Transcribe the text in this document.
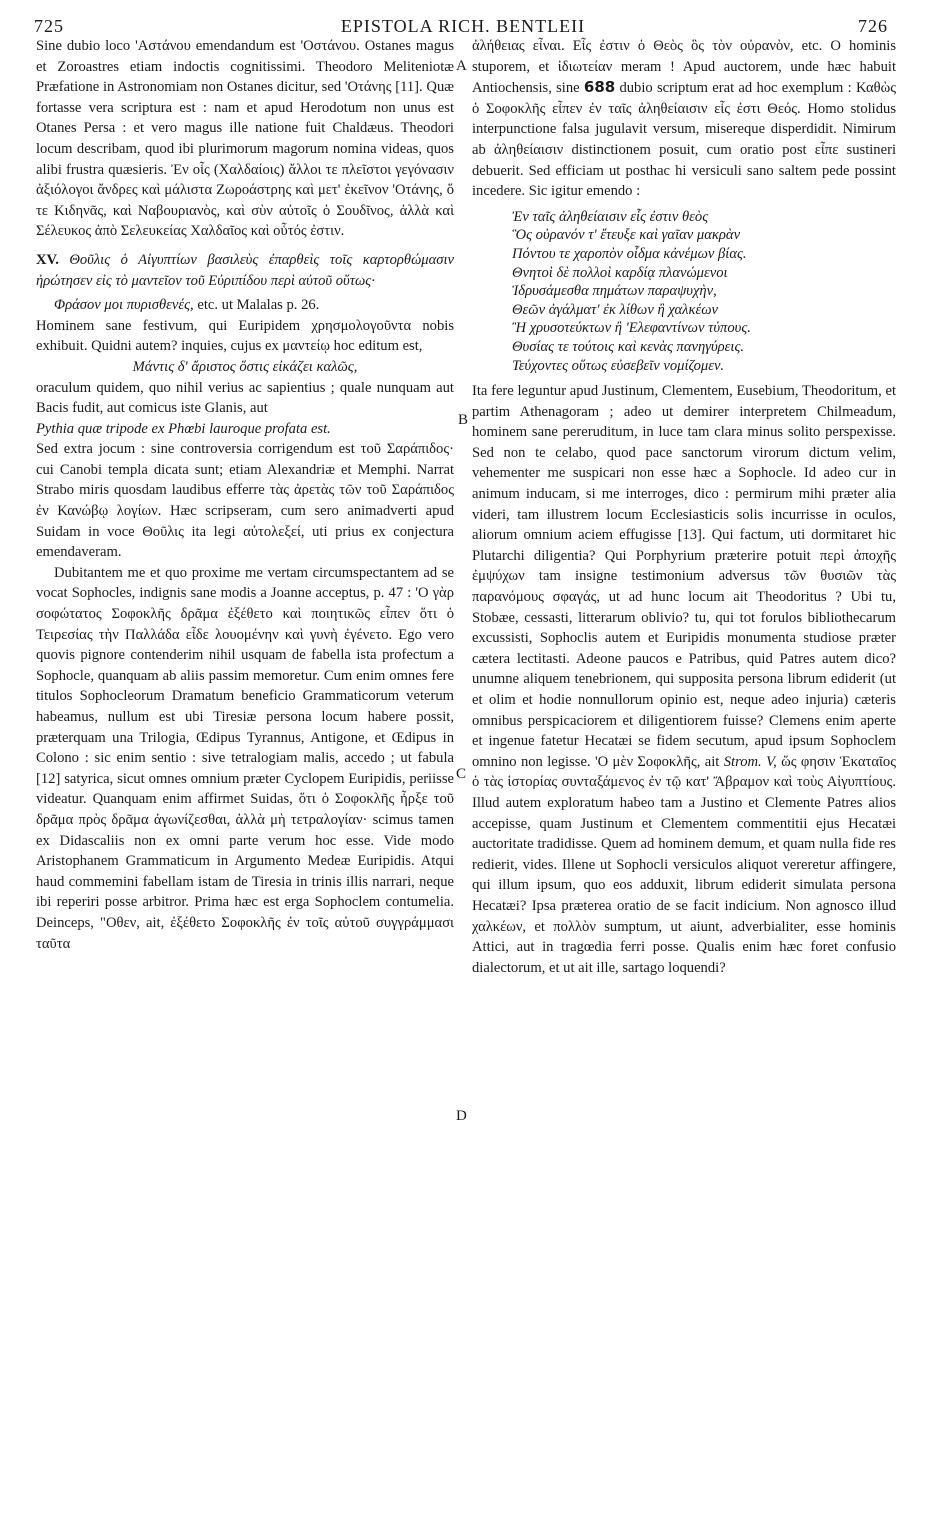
725	EPISTOLA RICH. BENTLEII	726
A
B
C
D

Sine dubio loco 'Αστάνου emendandum est 'Οστάνου. Ostanes magus et Zoroastres etiam indoctis cognitissimi. Theodoro Meliteniotæ Præfatione in Astronomiam non Ostanes dicitur, sed 'Οτάνης [11]. Quæ fortasse vera scriptura est : nam et apud Herodotum non unus est Otanes Persa : et vero magus ille natione fuit Chaldæus. Theodori locum describam, quod ibi plurimorum magorum nomina videas, quos alibi frustra quæsieris. Ἐν οἷς (Χαλδαίοις) ἄλλοι τε πλεῖστοι γεγόνασιν ἀξιόλογοι ἄνδρες καὶ μάλιστα Ζωροάστρης καὶ μετ' ἐκεῖνον 'Οτάνης, ὅ τε Κιδηνᾶς, καὶ Ναβουριανὸς, καὶ σὺν αὐτοῖς ὁ Σουδῖνος, ἀλλὰ καὶ Σέλευκος ἀπὸ Σελευκείας Χαλδαῖος καὶ οὗτός ἐστιν.

XV. Θοῦλις ὁ Αἰγυπτίων βασιλεὺς ἐπαρθεὶς τοῖς καρτορθώμασιν ἠρώτησεν εἰς τὸ μαντεῖον τοῦ Εὐριπίδου περὶ αὐτοῦ οὕτως·

Φράσον μοι πυρισθενές, etc. ut Malalas p. 26.

Hominem sane festivum, qui Euripidem χρησμολογοῦντα nobis exhibuit. Quidni autem? inquies, cujus ex μαντείῳ hoc editum est,

Μάντις δ' ἄριστος ὅστις εἰκάζει καλῶς,

oraculum quidem, quo nihil verius ac sapientius ; quale nunquam aut Bacis fudit, aut comicus iste Glanis, aut

Pythia quæ tripode ex Phœbi lauroque profata est.

Sed extra jocum : sine controversia corrigendum est τοῦ Σαράπιδος· cui Canobi templa dicata sunt; etiam Alexandriæ et Memphi. Narrat Strabo miris quosdam laudibus efferre τὰς ἀρετὰς τῶν τοῦ Σαράπιδος ἐν Κανώβῳ λογίων. Hæc scripseram, cum sero animadverti apud Suidam in voce Θοῦλις ita legi αὐτολεξεί, uti prius ex conjectura emendaveram.

Dubitantem me et quo proxime me vertam circumspectantem ad se vocat Sophocles, indignis sane modis a Joanne acceptus, p. 47 : 'Ο γὰρ σοφώτατος Σοφοκλῆς δρᾶμα ἐξέθετο καὶ ποιητικῶς εἶπεν ὅτι ὁ Τειρεσίας τὴν Παλλάδα εἶδε λουομένην καὶ γυνὴ ἐγένετο. Ego vero quovis pignore contenderim nihil usquam de fabella ista profectum a Sophocle, quanquam ab aliis passim memoretur. Cum enim omnes fere titulos Sophocleorum Dramatum beneficio Grammaticorum veterum habeamus, nullum est ubi Tiresiæ persona locum habere possit, præterquam una Trilogia, Œdipus Tyrannus, Antigone, et Œdipus in Colono : sic enim sentio : sive tetralogiam malis, accedo ; ut fabula [12] satyrica, sicut omnes omnium præter Cyclopem Euripidis, periisse videatur. Quanquam enim affirmet Suidas, ὅτι ὁ Σοφοκλῆς ἦρξε τοῦ δρᾶμα πρὸς δρᾶμα ἀγωνίζεσθαι, ἀλλὰ μὴ τετραλογίαν· scimus tamen ex Didascaliis non ex omni parte verum hoc esse. Vide modo Aristophanem Grammaticum in Argumento Medeæ Euripidis. Atqui haud commemini fabellam istam de Tiresia in trinis illis narrari, neque ibi reperiri posse arbitror. Prima hæc est erga Sophoclem contumelia. Deinceps, "Οθεν, ait, ἐξέθετο Σοφοκλῆς ἐν τοῖς αὐτοῦ συγγράμμασι ταῦτα

ἀλήθειας εἶναι. Εἷς ἐστιν ὁ Θεὸς ὃς τὸν οὐρανὸν, etc. O hominis stuporem, et ἰδιωτείαν meram ! Apud auctorem, unde hæc habuit Antiochensis, sine 688 dubio scriptum erat ad hoc exemplum : Καθὼς ὁ Σοφοκλῆς εἶπεν ἐν ταῖς ἀληθείαισιν εἷς ἐστι Θεός. Homo stolidus interpunctione falsa jugulavit versum, misereque disperdidit. Nimirum ab ἀληθείαισιν distinctionem posuit, cum oratio post εἶπε sustineri debuerit. Sed efficiam ut posthac hi versiculi sano saltem pede possint incedere. Sic igitur emendo :

Ἐν ταῖς ἀληθείαισιν εἷς ἐστιν θεὸς
Ὃς οὐρανόν τ' ἔτευξε καὶ γαῖαν μακρὰν
Πόντου τε χαροπὸν οἶδμα κἀνέμων βίας.
Θνητοὶ δὲ πολλοὶ καρδίᾳ πλανώμενοι
Ἱδρυσάμεσθα πημάτων παραψυχὴν,
Θεῶν ἀγάλματ' ἐκ λίθων ἢ χαλκέων
Ἢ χρυσοτεύκτων ἢ 'Ελεφαντίνων τύπους.
Θυσίας τε τούτοις καὶ κενὰς πανηγύρεις.
Τεύχοντες οὕτως εὐσεβεῖν νομίζομεν.

Ita fere leguntur apud Justinum, Clementem, Eusebium, Theodoritum, et partim Athenagoram ; adeo ut demirer interpretem Chilmeadum, hominem sane pereruditum, in luce tam clara minus solito perspexisse. Sed non te celabo, quod pace sanctorum virorum dictum velim, vehementer me suspicari non esse hæc a Sophocle. Id adeo cur in animum inducam, si me interroges, dico : permirum mihi præter alia videri, tam illustrem locum Ecclesiasticis solis incurrisse in oculos, aliorum omnium aciem effugisse [13]. Qui factum, uti dormitaret hic Plutarchi diligentia? Qui Porphyrium præterire potuit περὶ ἀποχῆς ἐμψύχων tam insigne testimonium adversus τῶν θυσιῶν τὰς παρανόμους σφαγάς, ut ad hunc locum ait Theodoritus ? Ubi tu, Stobæe, cessasti, litterarum oblivio? tu, qui tot forulos bibliothecarum excussisti, Sophoclis autem et Euripidis monumenta studiose præter cætera lectitasti. Adeone paucos e Patribus, quid Patres autem dico? unumne aliquem tenebrionem, qui supposita persona librum ediderit (ut et olim et hodie nonnullorum opinio est, neque adeo injuria) cæteris omnibus perspicaciorem et diligentiorem fuisse? Clemens enim aperte et ingenue fatetur Hecatæi se fidem secutum, apud ipsum Sophoclem omnino non legisse. 'Ο μὲν Σοφοκλῆς, ait Strom. V, ὥς φησιν Ἑκαταῖος ὁ τὰς ἱστορίας συνταξάμενος ἐν τῷ κατ' Ἄβραμον καὶ τοὺς Αἰγυπτίους. Illud autem exploratum habeo tam a Justino et Clemente Patres alios accepisse, quam Justinum et Clementem commentitii ejus Hecatæi auctoritate tradidisse. Quem ad hominem demum, et quam nulla fide res redierit, vides. Illene ut Sophocli versiculos aliquot vereretur affingere, qui illum ipsum, quo eos adduxit, librum ediderit simulata persona Hecatæi? Ipsa præterea oratio de se facit indicium. Non agnosco illud χαλκέων, et πολλὸν sumptum, ut aiunt, adverbialiter, esse hominis Attici, aut in tragœdia ferri posse. Qualis enim hæc foret confusio dialectorum, et ut ait ille, sartago loquendi?
